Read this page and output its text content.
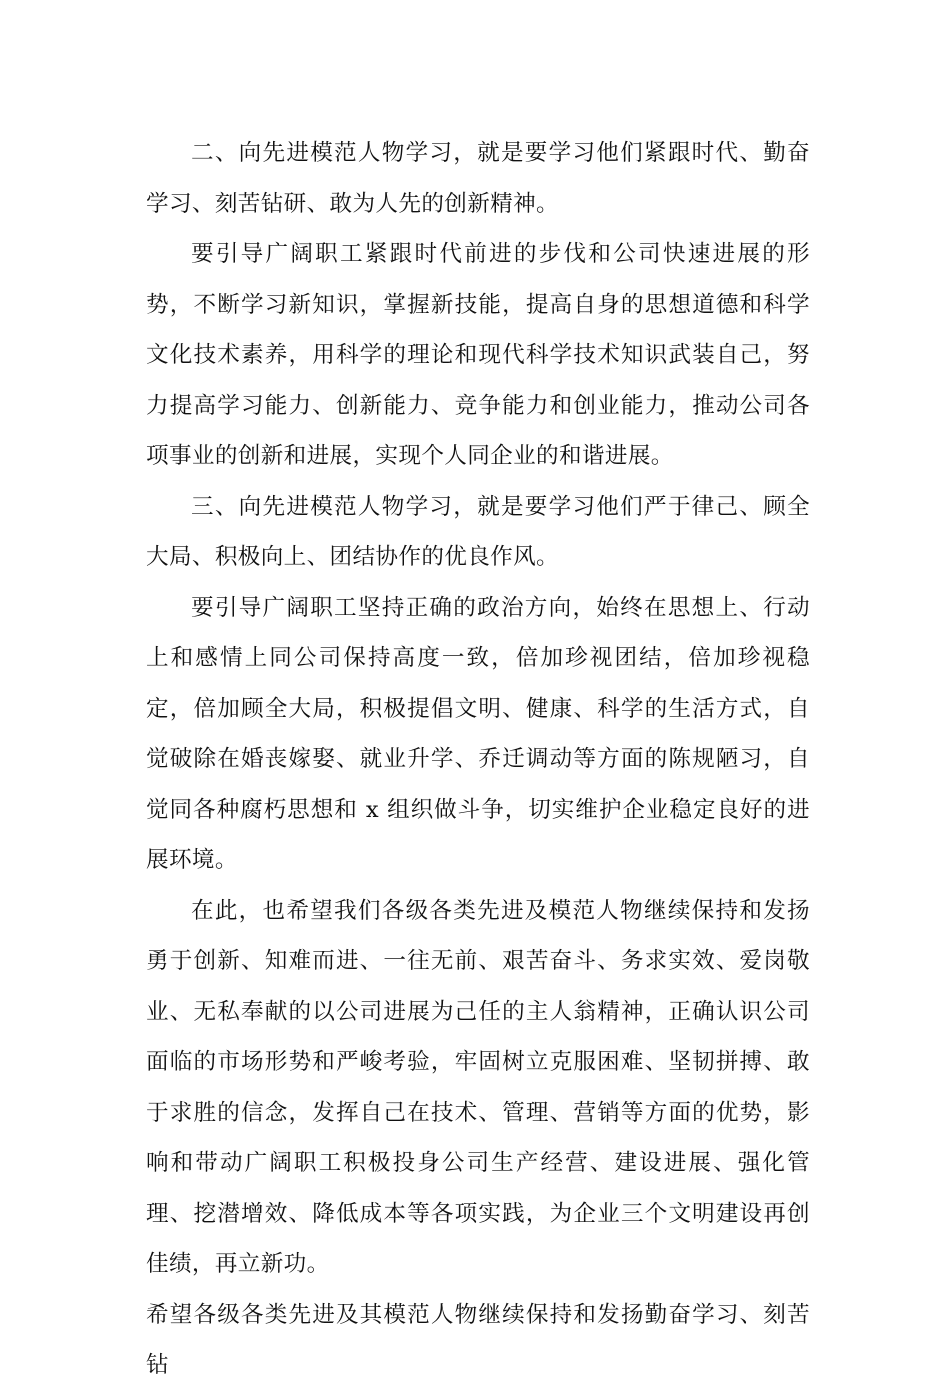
二、向先进模范人物学习，就是要学习他们紧跟时代、勤奋学习、刻苦钻研、敢为人先的创新精神。

要引导广阔职工紧跟时代前进的步伐和公司快速进展的形势，不断学习新知识，掌握新技能，提高自身的思想道德和科学文化技术素养，用科学的理论和现代科学技术知识武装自己，努力提高学习能力、创新能力、竞争能力和创业能力，推动公司各项事业的创新和进展，实现个人同企业的和谐进展。

三、向先进模范人物学习，就是要学习他们严于律己、顾全大局、积极向上、团结协作的优良作风。

要引导广阔职工坚持正确的政治方向，始终在思想上、行动上和感情上同公司保持高度一致，倍加珍视团结，倍加珍视稳定，倍加顾全大局，积极提倡文明、健康、科学的生活方式，自觉破除在婚丧嫁娶、就业升学、乔迁调动等方面的陈规陋习，自觉同各种腐朽思想和 x 组织做斗争，切实维护企业稳定良好的进展环境。

在此，也希望我们各级各类先进及模范人物继续保持和发扬勇于创新、知难而进、一往无前、艰苦奋斗、务求实效、爱岗敬业、无私奉献的以公司进展为己任的主人翁精神，正确认识公司面临的市场形势和严峻考验，牢固树立克服困难、坚韧拼搏、敢于求胜的信念，发挥自己在技术、管理、营销等方面的优势，影响和带动广阔职工积极投身公司生产经营、建设进展、强化管理、挖潜增效、降低成本等各项实践，为企业三个文明建设再创佳绩，再立新功。

希望各级各类先进及其模范人物继续保持和发扬勤奋学习、刻苦钻
